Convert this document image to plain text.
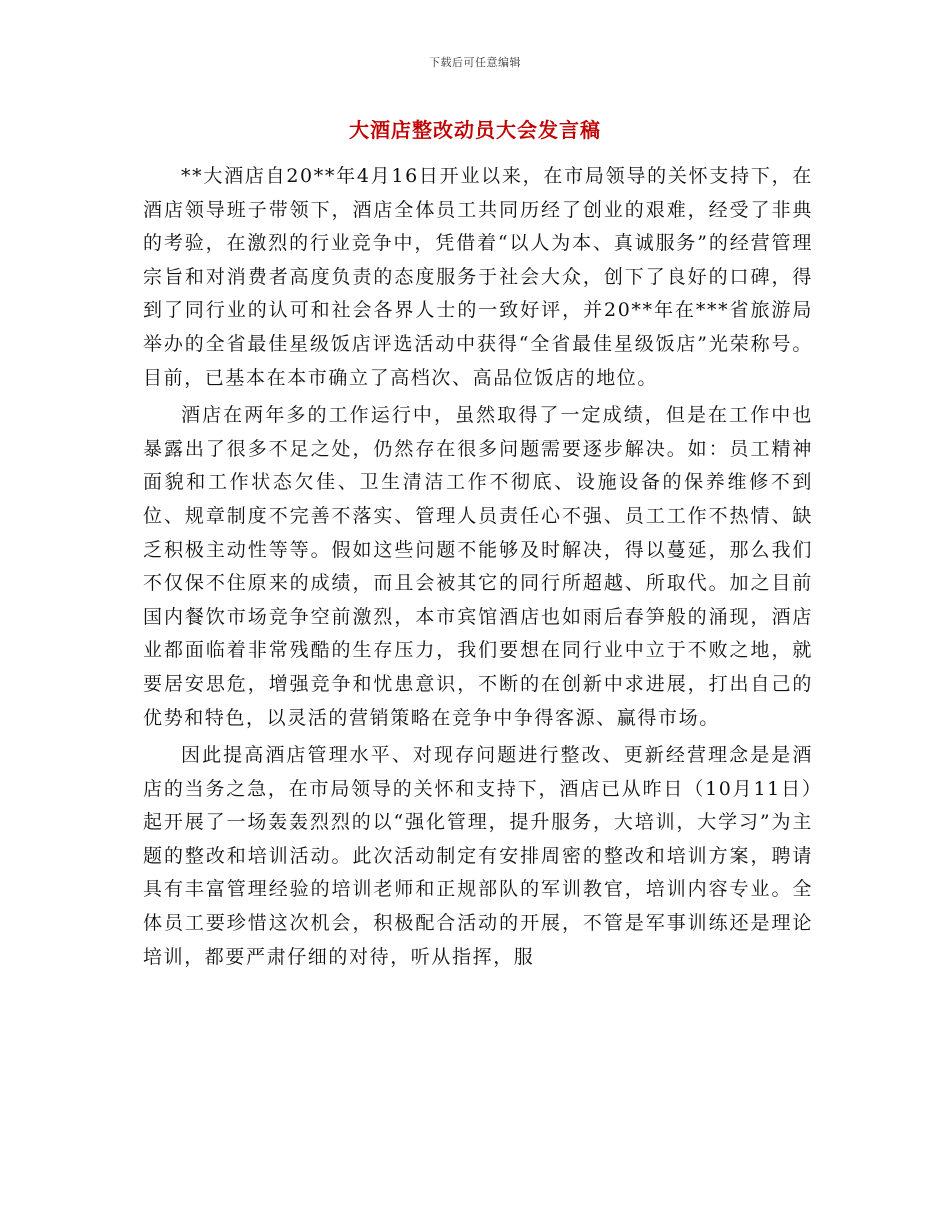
下载后可任意编辑
大酒店整改动员大会发言稿

**大酒店自20**年4月16日开业以来，在市局领导的关怀支持下，在酒店领导班子带领下，酒店全体员工共同历经了创业的艰难，经受了非典的考验，在激烈的行业竞争中，凭借着“以人为本、真诚服务”的经营管理宗旨和对消费者高度负责的态度服务于社会大众，创下了良好的口碑，得到了同行业的认可和社会各界人士的一致好评，并20**年在***省旅游局举办的全省最佳星级饭店评选活动中获得“全省最佳星级饭店”光荣称号。目前，已基本在本市确立了高档次、高品位饭店的地位。

酒店在两年多的工作运行中，虽然取得了一定成绩，但是在工作中也暴露出了很多不足之处，仍然存在很多问题需要逐步解决。如：员工精神面貌和工作状态欠佳、卫生清洁工作不彻底、设施设备的保养维修不到位、规章制度不完善不落实、管理人员责任心不强、员工工作不热情、缺乏积极主动性等等。假如这些问题不能够及时解决，得以蔓延，那么我们不仅保不住原来的成绩，而且会被其它的同行所超越、所取代。加之目前国内餐饮市场竞争空前激烈，本市宾馆酒店也如雨后春笋般的涌现，酒店业都面临着非常残酷的生存压力，我们要想在同行业中立于不败之地，就要居安思危，增强竞争和忧患意识，不断的在创新中求进展，打出自己的优势和特色，以灵活的营销策略在竞争中争得客源、赢得市场。

因此提高酒店管理水平、对现存问题进行整改、更新经营理念是是酒店的当务之急，在市局领导的关怀和支持下，酒店已从昨日（10月11日）起开展了一场轰轰烈烈的以“强化管理，提升服务，大培训，大学习”为主题的整改和培训活动。此次活动制定有安排周密的整改和培训方案，聘请具有丰富管理经验的培训老师和正规部队的军训教官，培训内容专业。全体员工要珍惜这次机会，积极配合活动的开展，不管是军事训练还是理论培训，都要严肃仔细的对待，听从指挥，服
